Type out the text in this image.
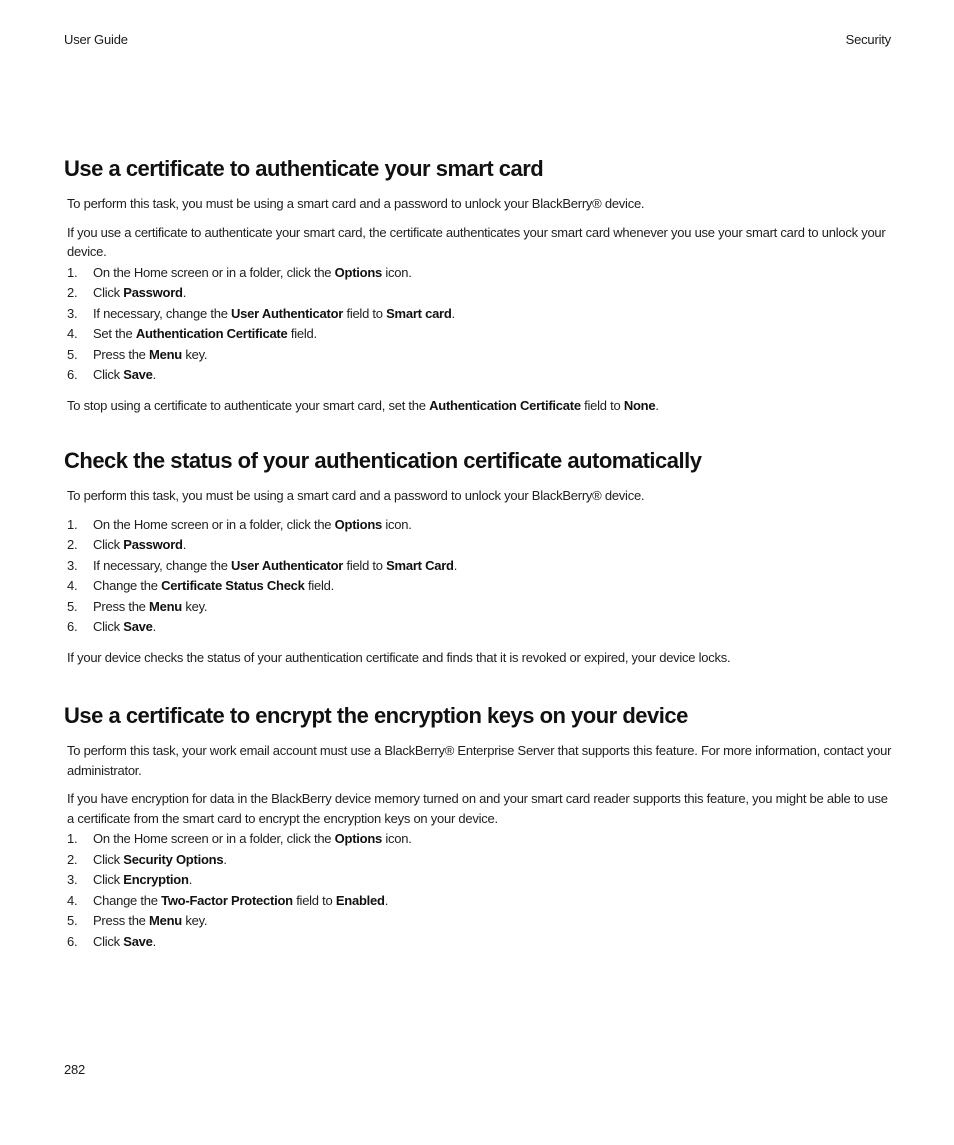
User Guide	Security
Use a certificate to authenticate your smart card

To perform this task, you must be using a smart card and a password to unlock your BlackBerry® device.

If you use a certificate to authenticate your smart card, the certificate authenticates your smart card whenever you use your smart card to unlock your device.

1. On the Home screen or in a folder, click the Options icon.
2. Click Password.
3. If necessary, change the User Authenticator field to Smart card.
4. Set the Authentication Certificate field.
5. Press the Menu key.
6. Click Save.

To stop using a certificate to authenticate your smart card, set the Authentication Certificate field to None.

Check the status of your authentication certificate automatically

To perform this task, you must be using a smart card and a password to unlock your BlackBerry® device.

1. On the Home screen or in a folder, click the Options icon.
2. Click Password.
3. If necessary, change the User Authenticator field to Smart Card.
4. Change the Certificate Status Check field.
5. Press the Menu key.
6. Click Save.

If your device checks the status of your authentication certificate and finds that it is revoked or expired, your device locks.

Use a certificate to encrypt the encryption keys on your device

To perform this task, your work email account must use a BlackBerry® Enterprise Server that supports this feature. For more information, contact your administrator.

If you have encryption for data in the BlackBerry device memory turned on and your smart card reader supports this feature, you might be able to use a certificate from the smart card to encrypt the encryption keys on your device.

1. On the Home screen or in a folder, click the Options icon.
2. Click Security Options.
3. Click Encryption.
4. Change the Two-Factor Protection field to Enabled.
5. Press the Menu key.
6. Click Save.
282
